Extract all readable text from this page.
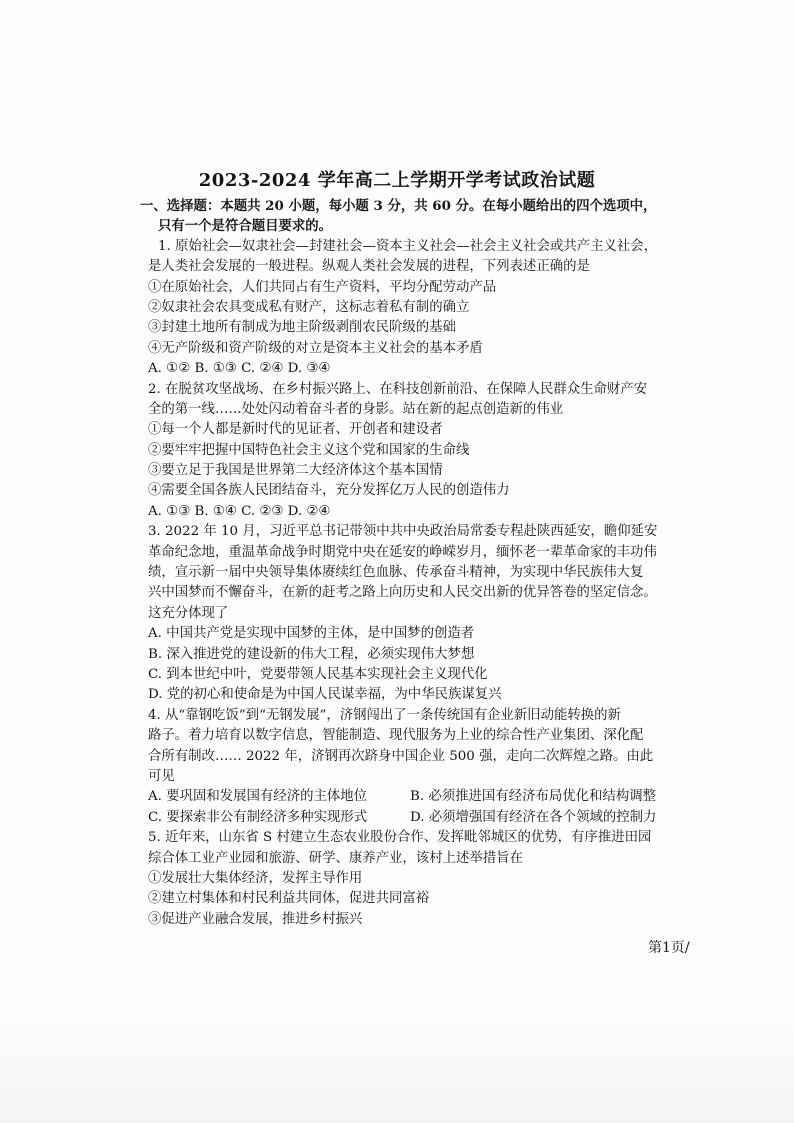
2023-2024 学年高二上学期开学考试政治试题
一、选择题：本题共 20 小题，每小题 3 分，共 60 分。在每小题给出的四个选项中，
只有一个是符合题目要求的。
1. 原始社会—奴隶社会—封建社会—资本主义社会—社会主义社会或共产主义社会，
是人类社会发展的一般进程。纵观人类社会发展的进程，下列表述正确的是
①在原始社会，人们共同占有生产资料，平均分配劳动产品
②奴隶社会农具变成私有财产，这标志着私有制的确立
③封建土地所有制成为地主阶级剥削农民阶级的基础
④无产阶级和资产阶级的对立是资本主义社会的基本矛盾
A. ①② B. ①③ C. ②④ D. ③④
2. 在脱贫攻坚战场、在乡村振兴路上、在科技创新前沿、在保障人民群众生命财产安
全的第一线……处处闪动着奋斗者的身影。站在新的起点创造新的伟业
①每一个人都是新时代的见证者、开创者和建设者
②要牢牢把握中国特色社会主义这个党和国家的生命线
③要立足于我国是世界第二大经济体这个基本国情
④需要全国各族人民团结奋斗，充分发挥亿万人民的创造伟力
A. ①③ B. ①④ C. ②③ D. ②④
3. 2022 年 10 月，习近平总书记带领中共中央政治局常委专程赴陕西延安，瞻仰延安
革命纪念地，重温革命战争时期党中央在延安的峥嵘岁月，缅怀老一辈革命家的丰功伟
绩，宣示新一届中央领导集体赓续红色血脉、传承奋斗精神，为实现中华民族伟大复
兴中国梦而不懈奋斗，在新的赶考之路上向历史和人民交出新的优异答卷的坚定信念。
这充分体现了
A. 中国共产党是实现中国梦的主体，是中国梦的创造者
B. 深入推进党的建设新的伟大工程，必须实现伟大梦想
C. 到本世纪中叶，党要带领人民基本实现社会主义现代化
D. 党的初心和使命是为中国人民谋幸福，为中华民族谋复兴
4. 从“靠钢吃饭”到“无钢发展”，济钢闯出了一条传统国有企业新旧动能转换的新
路子。着力培育以数字信息，智能制造、现代服务为上业的综合性产业集团、深化配
合所有制改…… 2022 年，济钢再次跻身中国企业 500 强，走向二次辉煌之路。由此
可见
A. 要巩固和发展国有经济的主体地位	B. 必须推进国有经济布局优化和结构调整
C. 要探索非公有制经济多种实现形式	D. 必须增强国有经济在各个领域的控制力
5. 近年来，山东省 S 村建立生态农业股份合作、发挥毗邻城区的优势，有序推进田园
综合体工业产业园和旅游、研学、康养产业，该村上述举措旨在
①发展壮大集体经济，发挥主导作用
②建立村集体和村民利益共同体，促进共同富裕
③促进产业融合发展，推进乡村振兴
第1页/
